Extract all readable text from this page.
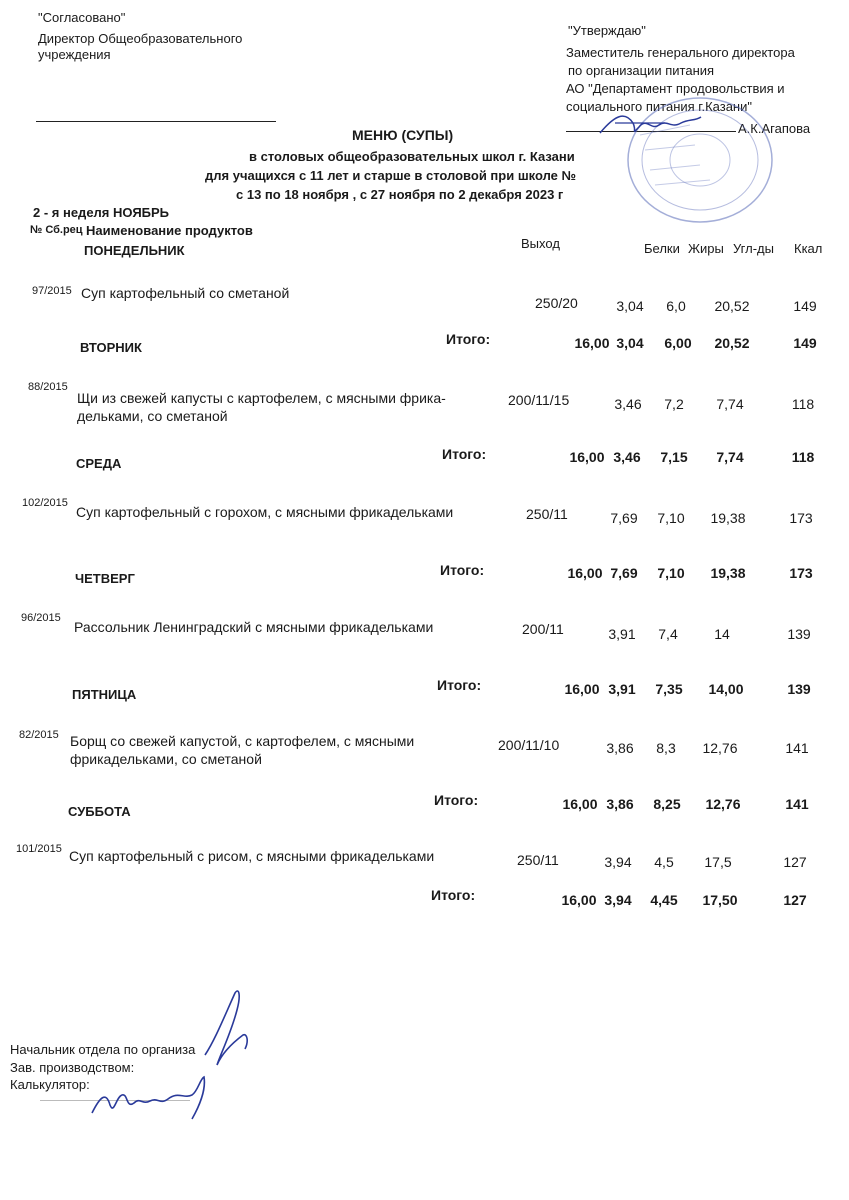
"Согласовано"
Директор Общеобразовательного
учреждения
"Утверждаю"
Заместитель генерального директора
по организации питания
АО "Департамент продовольствия и
социального питания г.Казани"
А.К.Агапова
МЕНЮ (СУПЫ)
в столовых общеобразовательных школ г. Казани
для учащихся с 11 лет и старше в столовой при школе №
с 13 по 18 ноября , с 27 ноября по 2 декабря 2023 г
2 - я неделя НОЯБРЬ
№ Сб.рец Наименование продуктов
Выход	Белки Жиры Угл-ды Ккал
ПОНЕДЕЛЬНИК
97/2015 Суп картофельный со сметаной
250/20	3,04	6,0	20,52	149
Итого:	16,00 3,04	6,00	20,52	149
ВТОРНИК
88/2015
Щи из свежей капусты с картофелем, с мясными фрика-
дельками, со сметаной
200/11/15	3,46	7,2	7,74	118
Итого:	16,00 3,46	7,15	7,74	118
СРЕДА
102/2015
Суп картофельный с горохом, с мясными фрикадельками	250/11	7,69	7,10	19,38	173
Итого:	16,00 7,69	7,10	19,38	173
ЧЕТВЕРГ
96/2015
Рассольник Ленинградский с мясными фрикадельками	200/11	3,91	7,4	14	139
Итого:	16,00 3,91	7,35	14,00	139
ПЯТНИЦА
82/2015 Борщ со свежей капустой, с картофелем, с мясными
фрикадельками, со сметаной
200/11/10	3,86	8,3	12,76	141
Итого:	16,00 3,86	8,25	12,76	141
СУББОТА
101/2015 Суп картофельный с рисом, с мясными фрикадельками	250/11	3,94	4,5	17,5	127
Итого:	16,00 3,94	4,45	17,50	127
Начальник отдела по организа
Зав. производством:
Калькулятор:
